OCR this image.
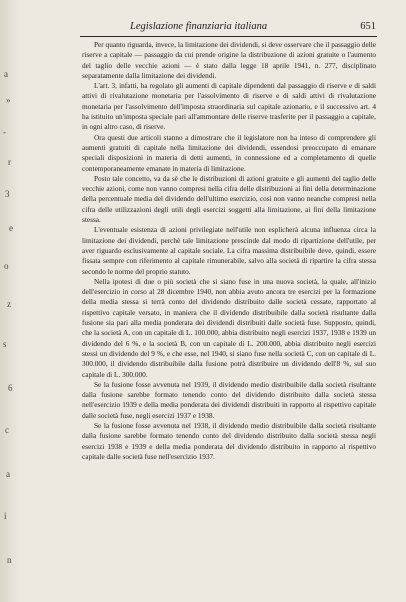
a
»
-
r
3
e
o
z
s
6
c
a
i
n
Legislazione finanziaria italiana	651

Per quanto riguarda, invece, la limitazione dei dividendi, si deve osservare che il passaggio delle riserve a capitale — passaggio da cui prende origine la distribuzione di azioni gratuite o l'aumento del taglio delle vecchie azioni — è stato dalla legge 18 aprile 1941, n. 277, disciplinato separatamente dalla limitazione dei dividendi.

L'art. 3, infatti, ha regolato gli aumenti di capitale dipendenti dal passaggio di riserve e di saldi attivi di rivalutazione monetaria per l'assolvimento di riserve e di saldi attivi di rivalutazione monetaria per l'assolvimento dell'imposta straordinaria sul capitale azionario, e il successivo art. 4 ha istituito un'imposta speciale pari all'ammontare delle riserve trasferite per il passaggio a capitale, in ogni altro caso, di riserve.

Ora questi due articoli stanno a dimostrare che il legislatore non ha inteso di comprendere gli aumenti gratuiti di capitale nella limitazione dei dividendi, essendosi preoccupato di emanare speciali disposizioni in materia di detti aumenti, in connessione ed a completamento di quelle contemporaneamente emanate in materia di limitazione.

Posto tale concetto, va da sè che le distribuzioni di azioni gratuite e gli aumenti del taglio delle vecchie azioni, come non vanno compresi nella cifra delle distribuzioni ai fini della determinazione della percentuale media del dividendo dell'ultimo esercizio, così non vanno neanche compresi nella cifra delle utilizzazioni degli utili degli esercizi soggetti alla limitazione, ai fini della limitazione stessa.

L'eventuale esistenza di azioni privilegiate nell'utile non esplicherà alcuna influenza circa la limitazione dei dividendi, perchè tale limitazione prescinde dal modo di ripartizione dell'utile, per aver riguardo esclusivamente al capitale sociale. La cifra massima distribuibile deve, quindi, essere fissata sempre con riferimento al capitale rimunerabile, salvo alla società di ripartire la cifra stessa secondo le norme del proprio statuto.

Nella ipotesi di due o più società che si siano fuse in una nuova società, la quale, all'inizio dell'esercizio in corso al 28 dicembre 1940, non abbia avuto ancora tre esercizi per la formazione della media stessa si terrà conto del dividendo distribuito dalle società cessate, rapportato al rispettivo capitale versato, in maniera che il dividendo distribuibile dalla società risultante dalla fusione sia pari alla media ponderata dei dividendi distribuiti dalle società fuse. Supposto, quindi, che la società A, con un capitale di L. 100.000, abbia distribuito negli esercizi 1937, 1938 e 1939 un dividendo del 6 %, e la società B, con un capitale di L. 200.000, abbia distribuito negli esercizi stessi un dividendo del 9 %, e che esse, nel 1940, si siano fuse nella società C, con un capitale di L. 300.000, il dividendo distribuibile dalla fusione potrà distribuire un dividendo dell'8 %, sul suo capitale di L. 300.000.

Se la fusione fosse avvenuta nel 1939, il dividendo medio distribuibile dalla società risultante dalla fusione sarebbe formato tenendo conto del dividendo distribuito dalla società stessa nell'esercizio 1939 e della media ponderata dei dividendi distribuiti in rapporto al rispettivo capitale dalle società fuse, negli esercizi 1937 e 1938.

Se la fusione fosse avvenuta nel 1938, il dividendo medio distribuibile dalla società risultante dalla fusione sarebbe formato tenendo conto del dividendo distribuito dalla società stessa negli esercizi 1938 e 1939 e della media ponderata del dividendo distribuito in rapporto al rispettivo capitale dalle società fuse nell'esercizio 1937.
